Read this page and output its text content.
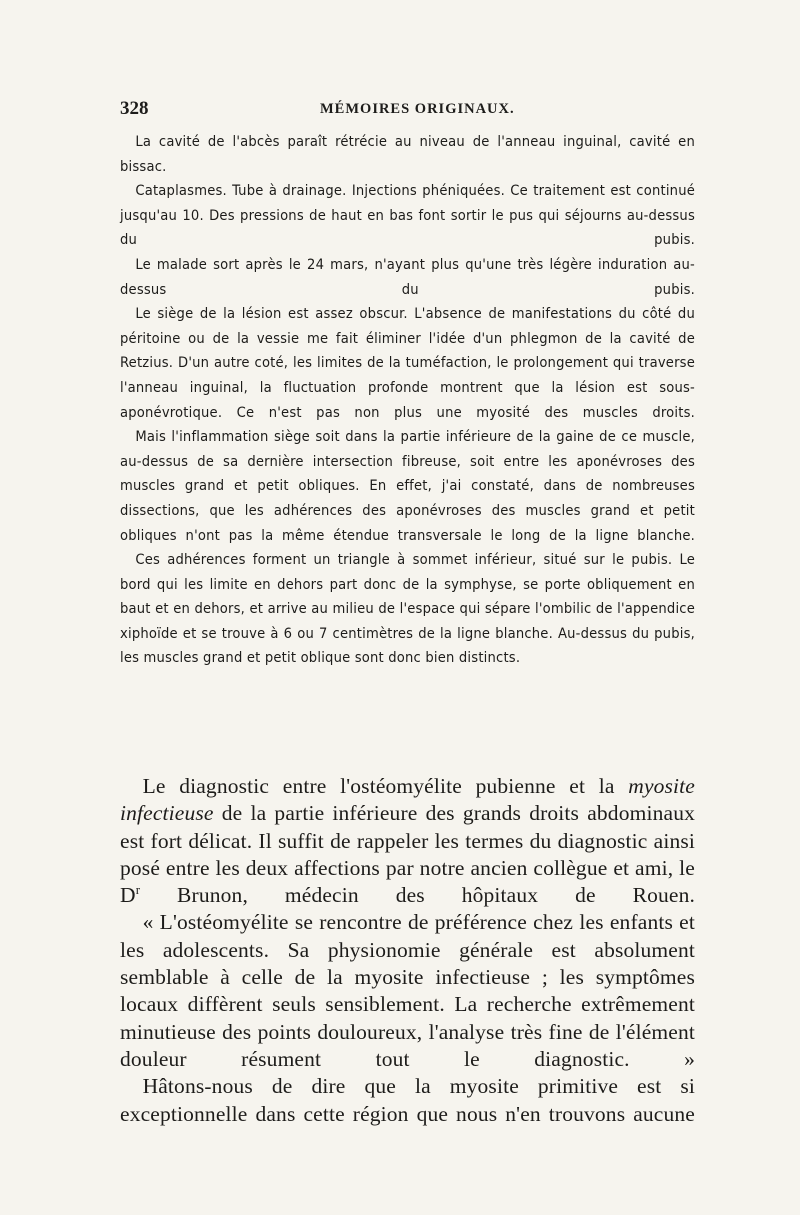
328	MÉMOIRES ORIGINAUX.

La cavité de l'abcès paraît rétrécie au niveau de l'anneau inguinal, cavité en bissac.

Cataplasmes. Tube à drainage. Injections phéniquées. Ce traitement est continué jusqu'au 10. Des pressions de haut en bas font sortir le pus qui séjourns au-dessus du pubis.

Le malade sort après le 24 mars, n'ayant plus qu'une très légère induration au-dessus du pubis.

Le siège de la lésion est assez obscur. L'absence de manifestations du côté du péritoine ou de la vessie me fait éliminer l'idée d'un phlegmon de la cavité de Retzius. D'un autre coté, les limites de la tuméfaction, le prolongement qui traverse l'anneau inguinal, la fluctuation profonde montrent que la lésion est sous-aponévrotique. Ce n'est pas non plus une myosité des muscles droits.

Mais l'inflammation siège soit dans la partie inférieure de la gaine de ce muscle, au-dessus de sa dernière intersection fibreuse, soit entre les aponévroses des muscles grand et petit obliques. En effet, j'ai constaté, dans de nombreuses dissections, que les adhérences des aponévroses des muscles grand et petit obliques n'ont pas la même étendue transversale le long de la ligne blanche.

Ces adhérences forment un triangle à sommet inférieur, situé sur le pubis. Le bord qui les limite en dehors part donc de la symphyse, se porte obliquement en baut et en dehors, et arrive au milieu de l'espace qui sépare l'ombilic de l'appendice xiphoïde et se trouve à 6 ou 7 centimètres de la ligne blanche. Au-dessus du pubis, les muscles grand et petit oblique sont donc bien distincts.

Le diagnostic entre l'ostéomyélite pubienne et la myosite infectieuse de la partie inférieure des grands droits abdominaux est fort délicat. Il suffit de rappeler les termes du diagnostic ainsi posé entre les deux affections par notre ancien collègue et ami, le $D^r$ Brunon, médecin des hôpitaux de Rouen.

« L'ostéomyélite se rencontre de préférence chez les enfants et les adolescents. Sa physionomie générale est absolument semblable à celle de la myosite infectieuse ; les symptômes locaux diffèrent seuls sensiblement. La recherche extrêmement minutieuse des points douloureux, l'analyse très fine de l'élément douleur résument tout le diagnostic. »

Hâtons-nous de dire que la myosite primitive est si exceptionnelle dans cette région que nous n'en trouvons aucune
